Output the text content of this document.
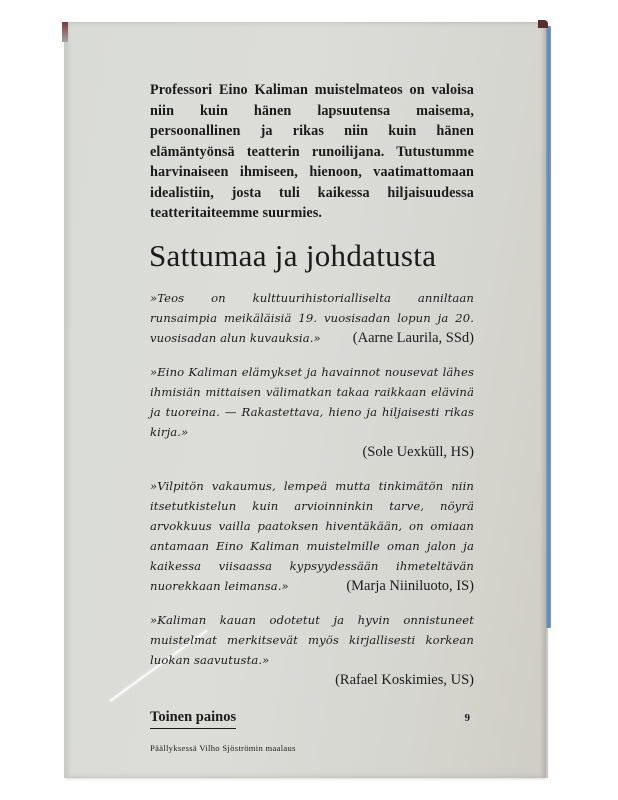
Professori Eino Kaliman muistelmateos on valoisa niin kuin hänen lapsuutensa maisema, persoonallinen ja rikas niin kuin hänen elämäntyönsä teatterin runoilijana. Tutustumme harvinaiseen ihmiseen, hienoon, vaatimattomaan idealistiin, josta tuli kaikessa hiljaisuudessa teatteritaiteemme suurmies.

Sattumaa ja johdatusta

»Teos on kulttuurihistorialliselta anniltaan runsaimpia meikäläisiä 19. vuosisadan lopun ja 20. vuosisadan alun kuvauksia.»	(Aarne Laurila, SSd)

»Eino Kaliman elämykset ja havainnot nousevat lähes ihmisiän mittaisen välimatkan takaa raikkaan elävinä ja tuoreina. — Rakastettava, hieno ja hiljaisesti rikas kirja.»

(Sole Uexküll, HS)

»Vilpitön vakaumus, lempeä mutta tinkimätön niin itsetutkistelun kuin arvioinninkin tarve, nöyrä arvokkuus vailla paatoksen hiventäkään, on omiaan antamaan Eino Kaliman muistelmille oman jalon ja kaikessa viisaassa kypsyydessään ihmeteltävän nuorekkaan leimansa.»	(Marja Niiniluoto, IS)

»Kaliman kauan odotetut ja hyvin onnistuneet muistelmat merkitsevät myös kirjallisesti korkean luokan saavutusta.»

(Rafael Koskimies, US)

Toinen painos	9
Päällyksessä Vilho Sjöströmin maalaus
